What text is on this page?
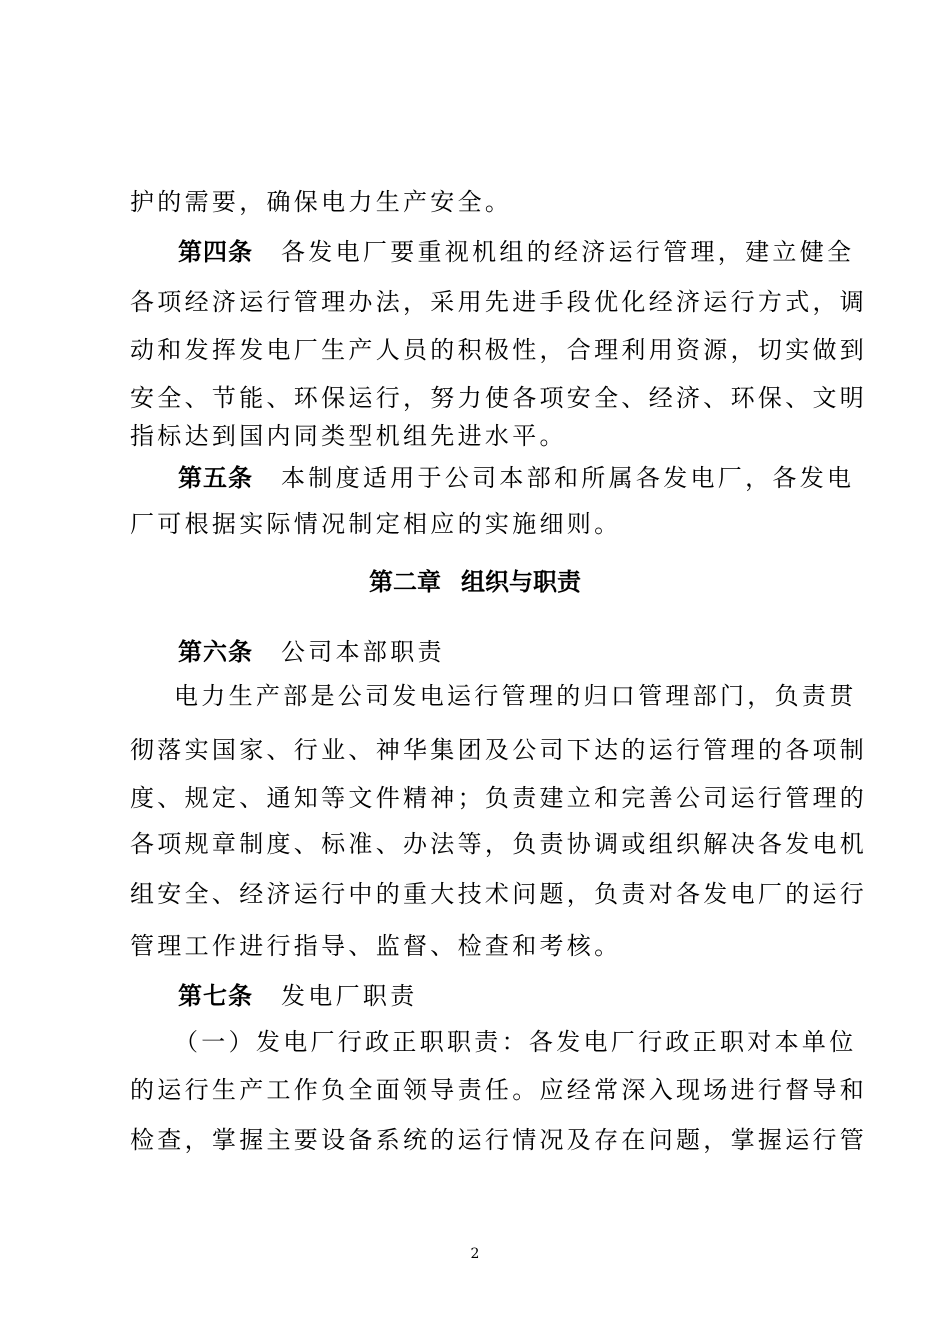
护的需要，确保电力生产安全。
第四条 各发电厂要重视机组的经济运行管理，建立健全
各项经济运行管理办法，采用先进手段优化经济运行方式，调
动和发挥发电厂生产人员的积极性，合理利用资源，切实做到
安全、节能、环保运行，努力使各项安全、经济、环保、文明
指标达到国内同类型机组先进水平。
第五条 本制度适用于公司本部和所属各发电厂，各发电
厂可根据实际情况制定相应的实施细则。
第二章 组织与职责
第六条 公司本部职责
电力生产部是公司发电运行管理的归口管理部门，负责贯
彻落实国家、行业、神华集团及公司下达的运行管理的各项制
度、规定、通知等文件精神；负责建立和完善公司运行管理的
各项规章制度、标准、办法等，负责协调或组织解决各发电机
组安全、经济运行中的重大技术问题，负责对各发电厂的运行
管理工作进行指导、监督、检查和考核。
第七条 发电厂职责
（一）发电厂行政正职职责：各发电厂行政正职对本单位
的运行生产工作负全面领导责任。应经常深入现场进行督导和
检查，掌握主要设备系统的运行情况及存在问题，掌握运行管
2
